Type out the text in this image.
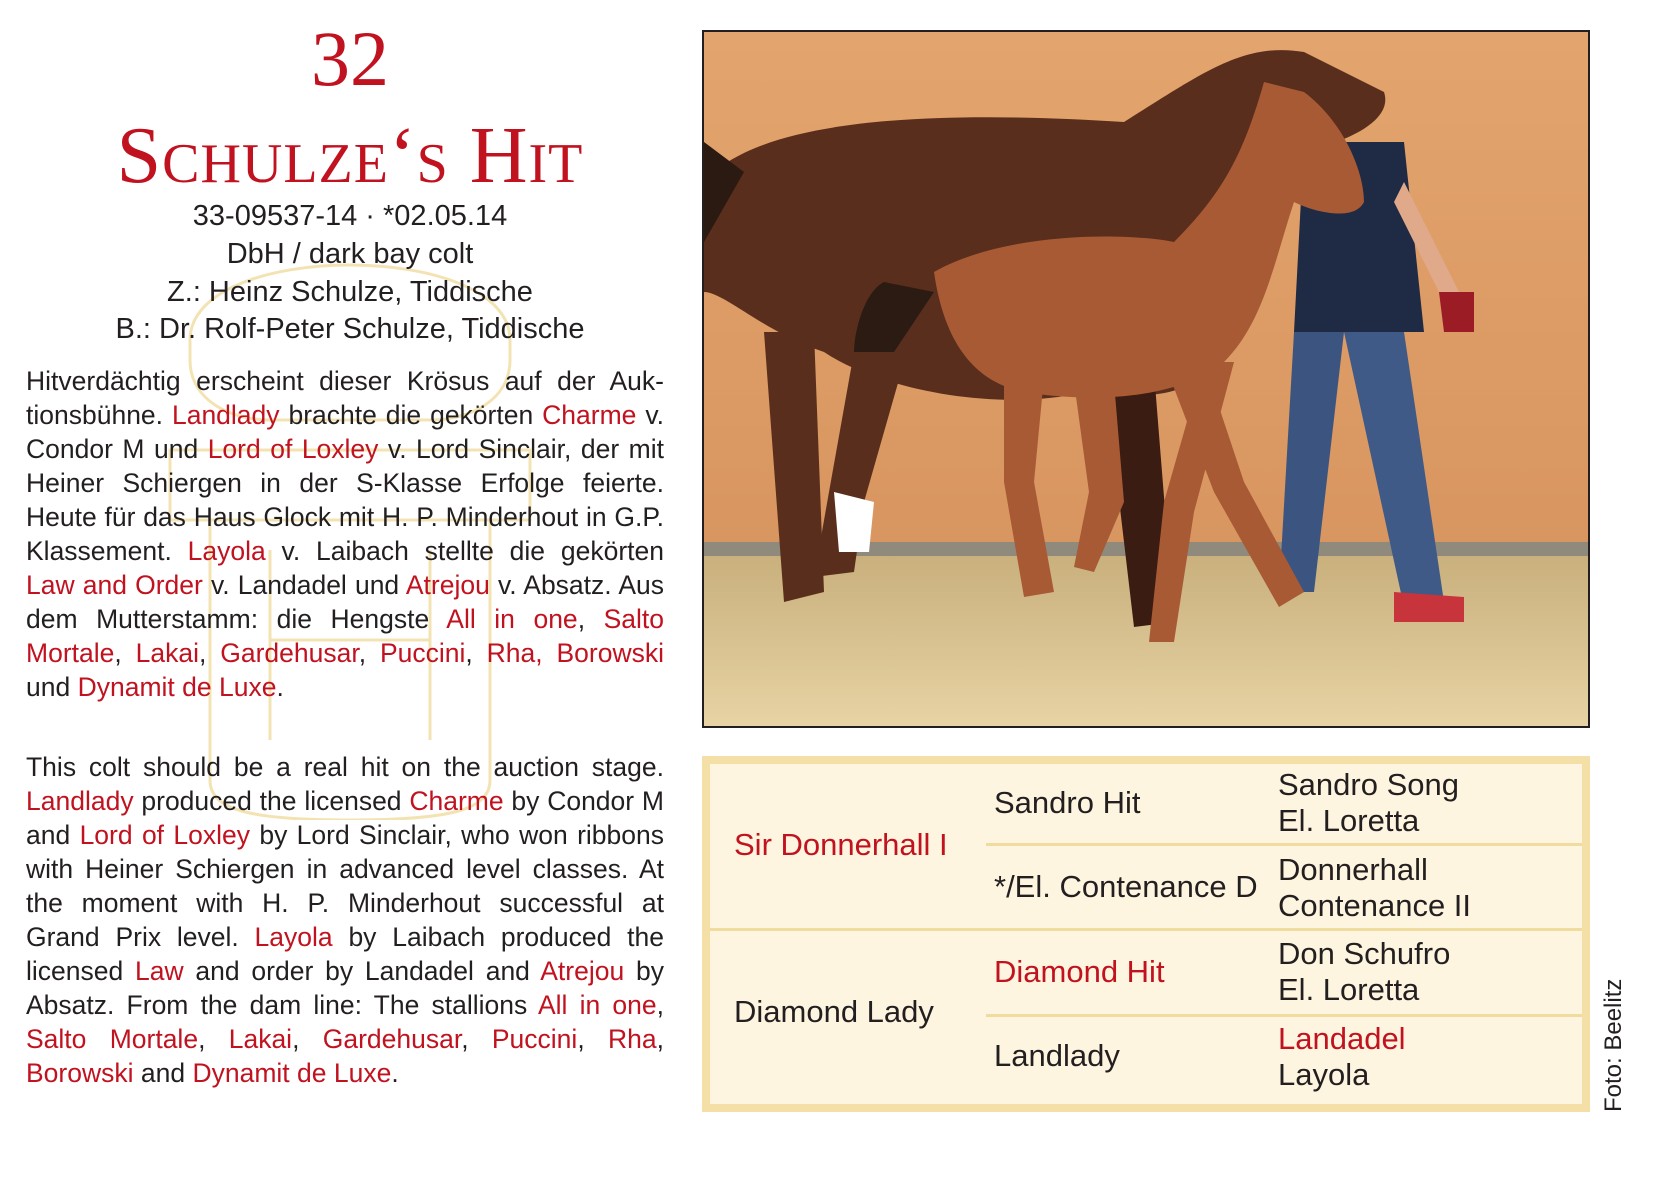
32
Schulze‘s Hit
33-09537-14 · *02.05.14
DbH / dark bay colt
Z.: Heinz Schulze, Tiddische
B.: Dr. Rolf-Peter Schulze, Tiddische
Hitverdächtig erscheint dieser Krösus auf der Auktionsbühne. Landlady brachte die gekörten Charme v. Condor M und Lord of Loxley v. Lord Sinclair, der mit Heiner Schiergen in der S-Klasse Erfolge feierte. Heute für das Haus Glock mit H. P. Minderhout in G.P. Klassement. Layola v. Laibach stellte die gekörten Law and Order v. Landadel und Atrejou v. Absatz. Aus dem Mutterstamm: die Hengste All in one, Salto Mortale, Lakai, Gardehusar, Puccini, Rha, Borowski und Dynamit de Luxe.
This colt should be a real hit on the auction stage. Landlady produced the licensed Charme by Condor M and Lord of Loxley by Lord Sinclair, who won ribbons with Heiner Schiergen in advanced level classes. At the moment with H. P. Minderhout successful at Grand Prix level. Layola by Laibach produced the licensed Law and order by Landadel and Atrejou by Absatz. From the dam line: The stallions All in one, Salto Mortale, Lakai, Gardehusar, Puccini, Rha, Borowski and Dynamit de Luxe.
Sir Donnerhall I
Diamond Lady
Sandro Hit
*/El. Contenance D
Diamond Hit
Landlady
Sandro Song
El. Loretta
Donnerhall
Contenance II
Don Schufro
El. Loretta
Landadel
Layola	Foto: Beelitz
